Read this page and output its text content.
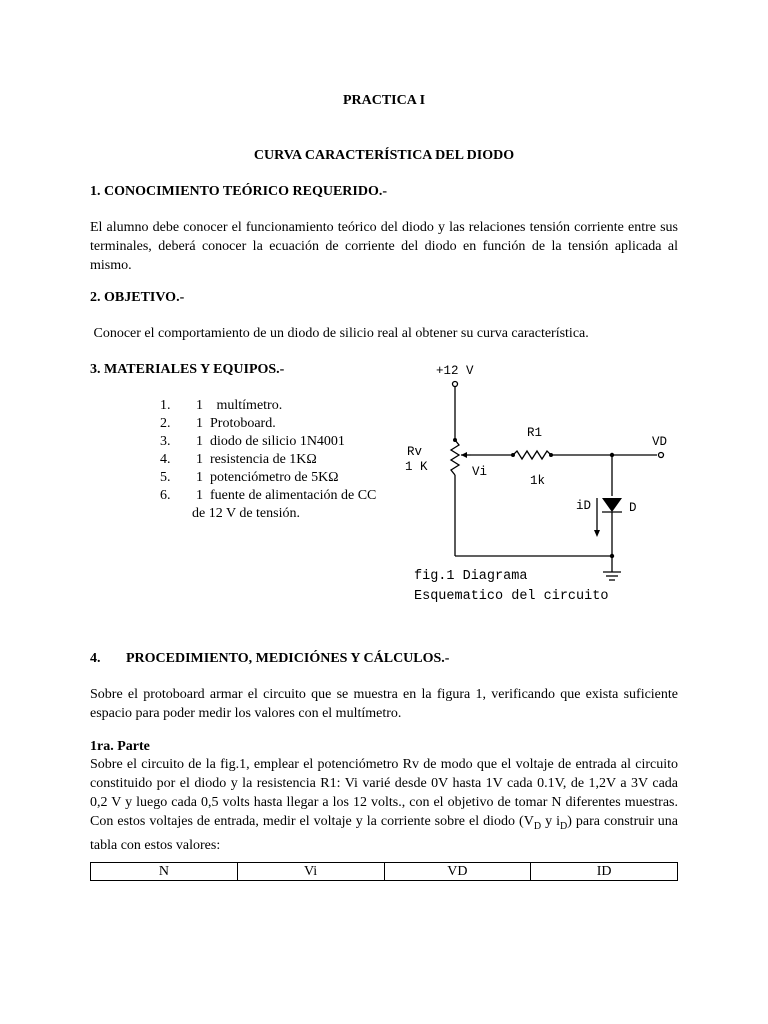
PRACTICA I
CURVA CARACTERÍSTICA DEL DIODO
1. CONOCIMIENTO TEÓRICO REQUERIDO.-
El alumno debe conocer el funcionamiento teórico del diodo y las relaciones tensión corriente entre sus terminales, deberá conocer la ecuación de corriente del diodo en función de la tensión aplicada al mismo.
2. OBJETIVO.-
Conocer el comportamiento de un diodo de silicio real al obtener su curva característica.
3. MATERIALES Y EQUIPOS.-
1. 1   multímetro.
2. 1 Protoboard.
3. 1 diodo de silicio 1N4001
4. 1 resistencia de 1KΩ
5. 1 potenciómetro de 5KΩ
6. 1 fuente de alimentación de CC
de 12 V de tensión.
+12 V
Rv
1 K	Vi
R1
1k
VD
iD	D
fig.1 Diagrama
Esquematico del circuito
4. PROCEDIMIENTO, MEDICIÓNES Y CÁLCULOS.-
Sobre el protoboard armar el circuito que se muestra en la figura 1, verificando que exista suficiente espacio para poder medir los valores con el multímetro.
1ra. Parte
Sobre el circuito de la fig.1, emplear el potenciómetro Rv de modo que el voltaje de entrada al circuito constituido por el diodo y la resistencia R1: Vi varié desde 0V hasta 1V cada 0.1V, de 1,2V a 3V cada 0,2 V y luego cada 0,5 volts hasta llegar a los 12 volts., con el objetivo de tomar N diferentes muestras. Con estos voltajes de entrada, medir el voltaje y la corriente sobre el diodo ($V_D$ y $i_D$) para construir una tabla con estos valores:
N	Vi	VD	ID
